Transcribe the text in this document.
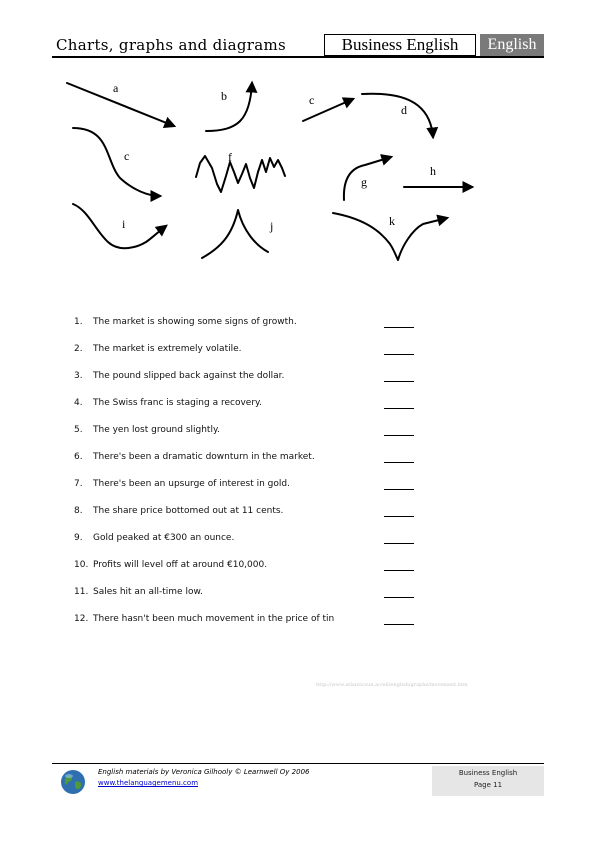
Charts, graphs and diagrams	Business English	English
a
b	c
d
c	f
g
h
i	j	k
1.	The market is showing some signs of growth.
2.	The market is extremely volatile.
3.	The pound slipped back against the dollar.
4.	The Swiss franc is staging a recovery.
5.	The yen lost ground slightly.
6.	There's been a dramatic downturn in the market.
7.	There's been an upsurge of interest in gold.
8.	The share price bottomed out at 11 cents.
9.	Gold peaked at €300 an ounce.
10. Profits will level off at around €10,000.
11. Sales hit an all-time low.
12. There hasn't been much movement in the price of tin
http://www.atlanticsun.ac/ell/english/graphs/movement.htm
English materials by Veronica Gilhooly © Learnwell Oy 2006
www.thelanguagemenu.com
Business English
Page 11
